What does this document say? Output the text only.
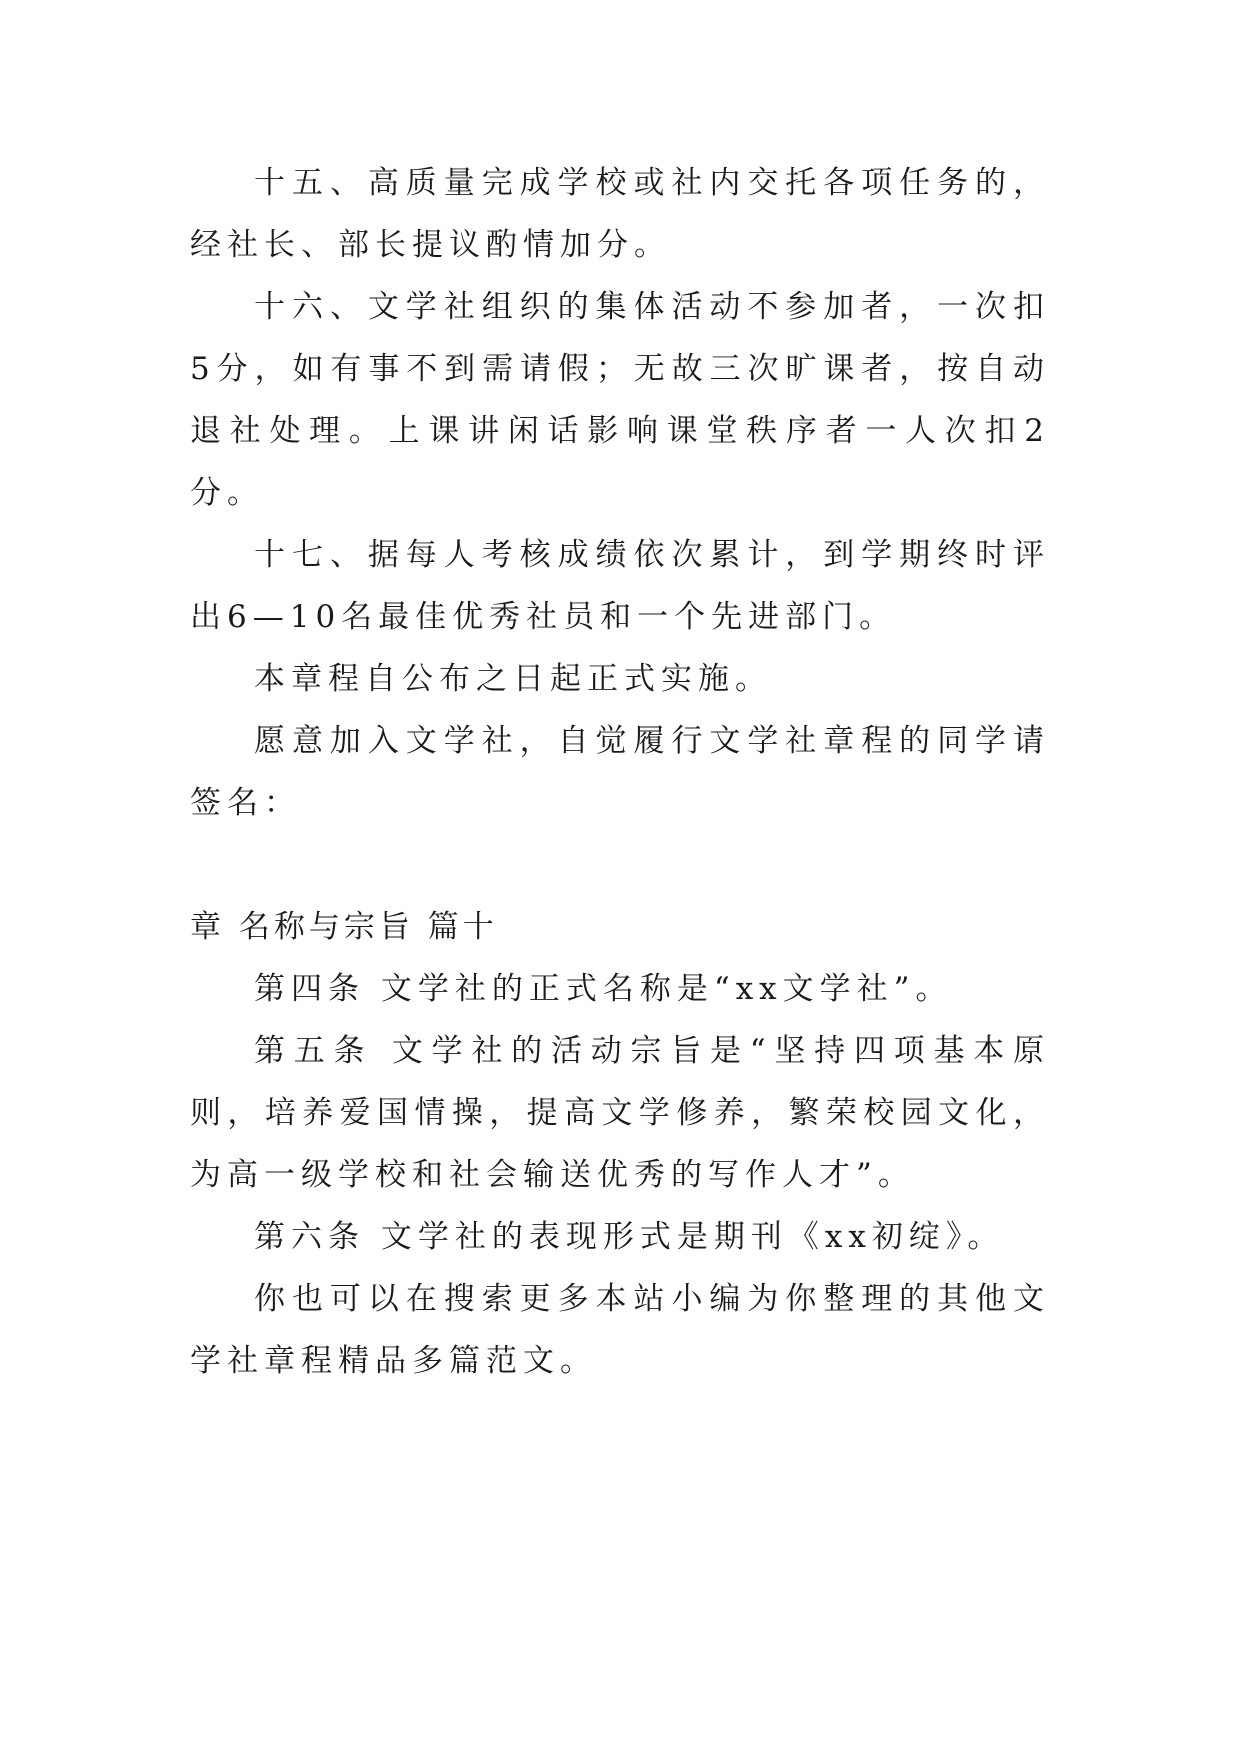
十五、高质量完成学校或社内交托各项任务的，经社长、部长提议酌情加分。

十六、文学社组织的集体活动不参加者，一次扣5分，如有事不到需请假；无故三次旷课者，按自动退社处理。上课讲闲话影响课堂秩序者一人次扣2分。

十七、据每人考核成绩依次累计，到学期终时评出6—10名最佳优秀社员和一个先进部门。

本章程自公布之日起正式实施。

愿意加入文学社，自觉履行文学社章程的同学请签名：

章 名称与宗旨 篇十

第四条 文学社的正式名称是“xx文学社”。

第五条 文学社的活动宗旨是“坚持四项基本原则，培养爱国情操，提高文学修养，繁荣校园文化，为高一级学校和社会输送优秀的写作人才”。

第六条 文学社的表现形式是期刊《xx初绽》。

你也可以在搜索更多本站小编为你整理的其他文学社章程精品多篇范文。
